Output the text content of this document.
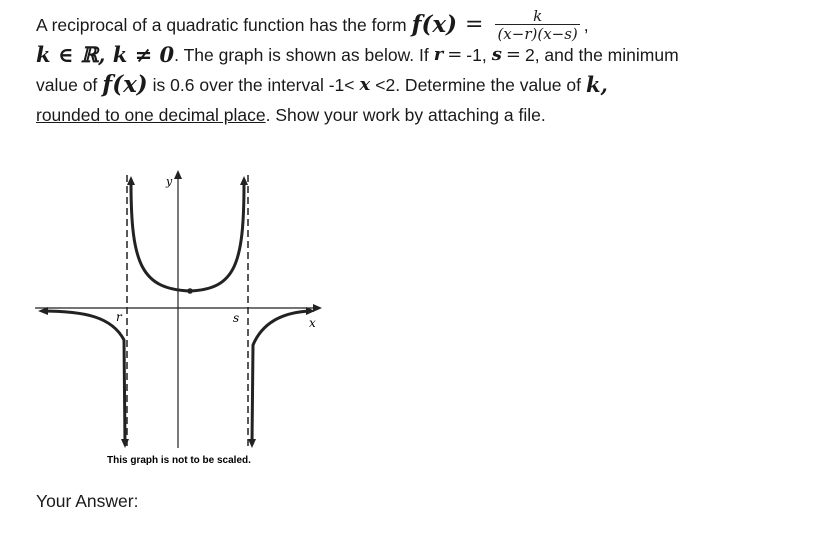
A reciprocal of a quadratic function has the form $f(x) = \frac{k}{(x-r)(x-s)}$ ,
k ∈ ℝ, k ≠ 0 . The graph is shown as below. If r = -1, s = 2, and the minimum
value of f(x) is 0.6 over the interval -1< x <2. Determine the value of k,
rounded to one decimal place . Show your work by attaching a file.
y
x
r	s
This graph is not to be scaled.
Your Answer:
